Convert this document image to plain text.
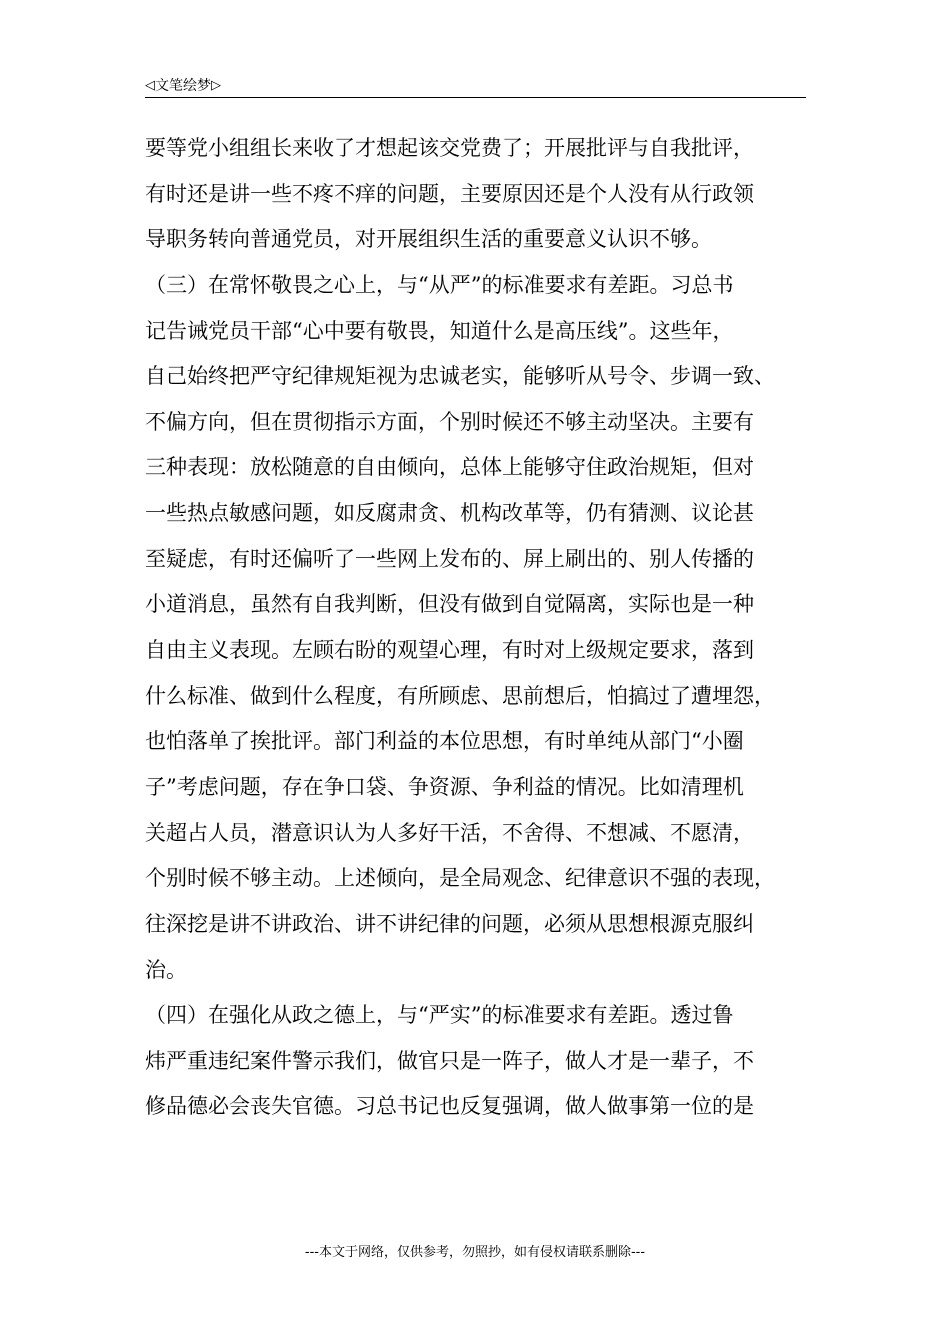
◁ 文笔绘梦 ▷
要等党小组组长来收了才想起该交党费了；开展批评与自我批评，
有时还是讲一些不疼不痒的问题，主要原因还是个人没有从行政领
导职务转向普通党员，对开展组织生活的重要意义认识不够。
（三）在常怀敬畏之心上，与“从严”的标准要求有差距。习总书
记告诫党员干部“心中要有敬畏，知道什么是高压线”。这些年，
自己始终把严守纪律规矩视为忠诚老实，能够听从号令、步调一致、
不偏方向，但在贯彻指示方面，个别时候还不够主动坚决。主要有
三种表现：放松随意的自由倾向，总体上能够守住政治规矩，但对
一些热点敏感问题，如反腐肃贪、机构改革等，仍有猜测、议论甚
至疑虑，有时还偏听了一些网上发布的、屏上刷出的、别人传播的
小道消息，虽然有自我判断，但没有做到自觉隔离，实际也是一种
自由主义表现。左顾右盼的观望心理，有时对上级规定要求，落到
什么标准、做到什么程度，有所顾虑、思前想后，怕搞过了遭埋怨，
也怕落单了挨批评。部门利益的本位思想，有时单纯从部门“小圈
子”考虑问题，存在争口袋、争资源、争利益的情况。比如清理机
关超占人员，潜意识认为人多好干活，不舍得、不想减、不愿清，
个别时候不够主动。上述倾向，是全局观念、纪律意识不强的表现，
往深挖是讲不讲政治、讲不讲纪律的问题，必须从思想根源克服纠
治。
（四）在强化从政之德上，与“严实”的标准要求有差距。透过鲁
炜严重违纪案件警示我们，做官只是一阵子，做人才是一辈子，不
修品德必会丧失官德。习总书记也反复强调，做人做事第一位的是
---本文于网络，仅供参考，勿照抄，如有侵权请联系删除---
